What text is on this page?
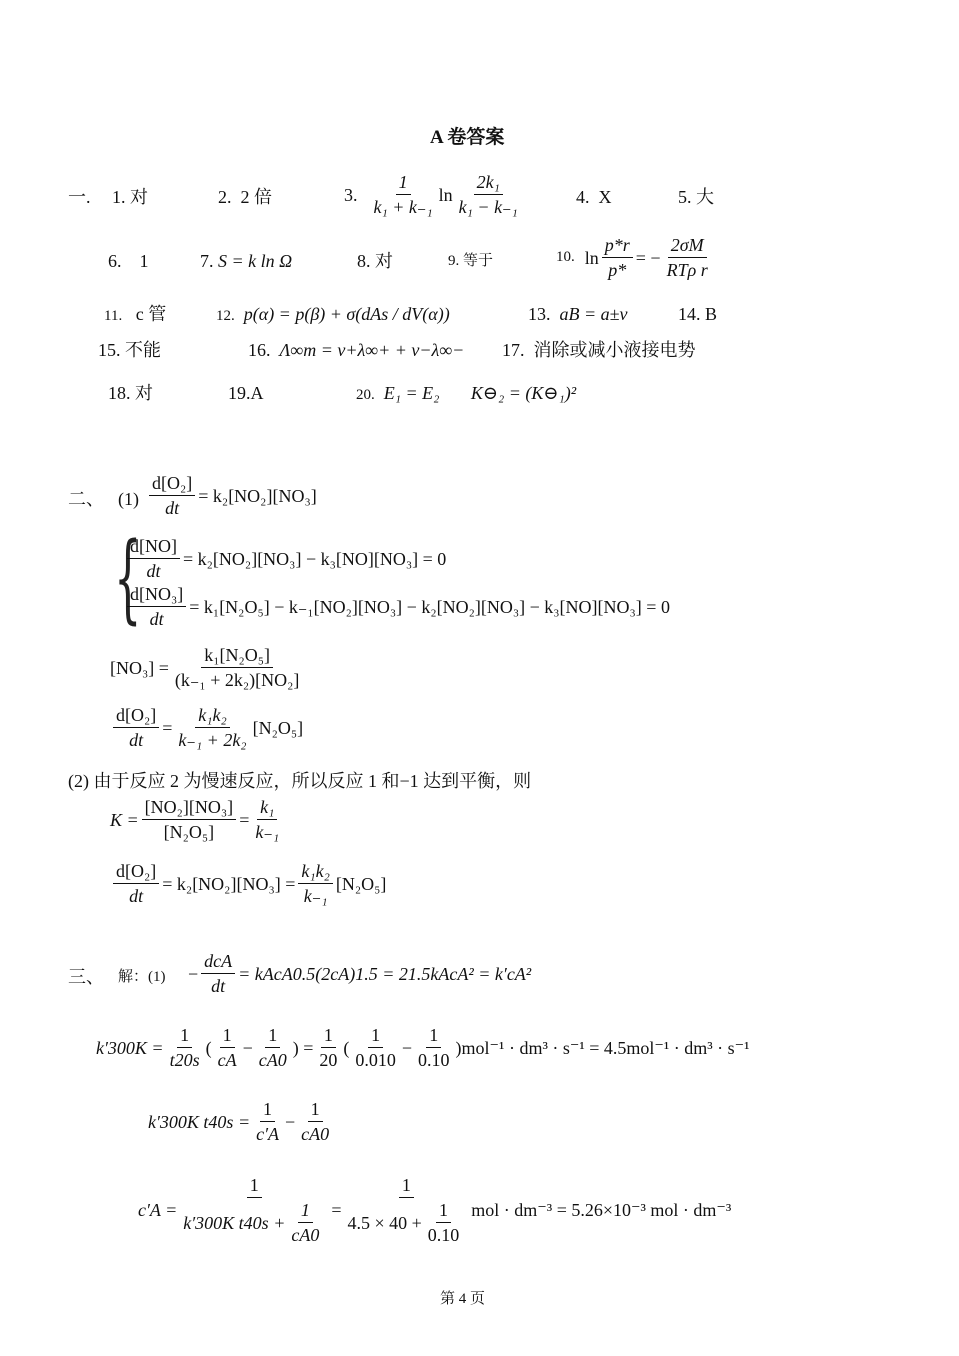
A 卷答案
一. 1. 对	2. 2 倍	3. $\frac{1}{\text{k₁ + k₋₁}}$ $\ln \frac{\text{2k₁}}{\text{k₁ − k₋₁}}$	4. X	5. 大
6. 1	7. S = k ln Ω	8. 对	9. 等于	10. $\ln \frac{p*r}{p*}$ = − $\frac{2\sigma M}{\text{RTρ r}}$
11. c 管	12. p(α) = p(β) + σ(dAs / dV(α))	13. aB = a±ν	14. B
15. 不能	16. Λ∞m = ν+λ∞+ + ν−λ∞− 17. 消除或减小液接电势
18. 对	19.A	20. E₁ = E₂ K⊖₂ = (K⊖₁)²
二、 $(1) \frac{\text{d[O₂]}}{dt} = k_2[NO_2][NO_3]$
{
$\frac{d[NO]}{dt} = k_2[NO_2][NO_3] - k_3[NO][NO_3] = 0$
$\frac{\text{d[NO₃]}}{dt} = k_1[N_2O_5] - k_{-1}[NO_2][NO_3] - k_2[NO_2][NO_3] - k_3[NO][NO_3] = 0$
$[NO_3] = \frac{\text{k₁[N₂O₅]}}{\text{(k₋₁ + 2k₂)[NO₂]}}$
$\frac{\text{d[O₂]}}{dt} = \frac{\text{k₁k₂}}{\text{k₋₁ + 2k₂}} [N_2O_5]$
(2) 由于反应 2 为慢速反应，所以反应 1 和−1 达到平衡，则
$K = \frac{\text{[NO₂][NO₃]}}{\text{[N₂O₅]}} = \frac{\text{k₁}}{\text{k₋₁}}$
$\frac{\text{d[O₂]}}{dt} = k_2[NO_2][NO_3] = \frac{\text{k₁k₂}}{\text{k₋₁}} [N_2O_5]$
三、 解：$(1) - \frac{\text{dcA}}{dt}$ = kAcA0.5(2cA)1.5 = 21.5kAcA² = k′cA²
$k'300K = \frac{1}{t20s}$ ( $\frac{1}{cA} - \frac{1}{cA0}$ ) = $\frac{1}{20}$ ( $\frac{1}{0.010} - \frac{1}{0.10}$ ) mol⁻¹ · dm³ · s⁻¹ = 4.5mol⁻¹ · dm³ · s⁻¹
k′300K $t40s = \frac{1}{c'A} - \frac{1}{cA0}$
$c'A = \frac{1}{k'300K t40s + \frac{1}{cA0}} = \frac{1}{4.5 \times 40 + \frac{1}{0.10}}$ mol · dm⁻³ = 5.26×10⁻³ mol · dm⁻³
第 4 页
